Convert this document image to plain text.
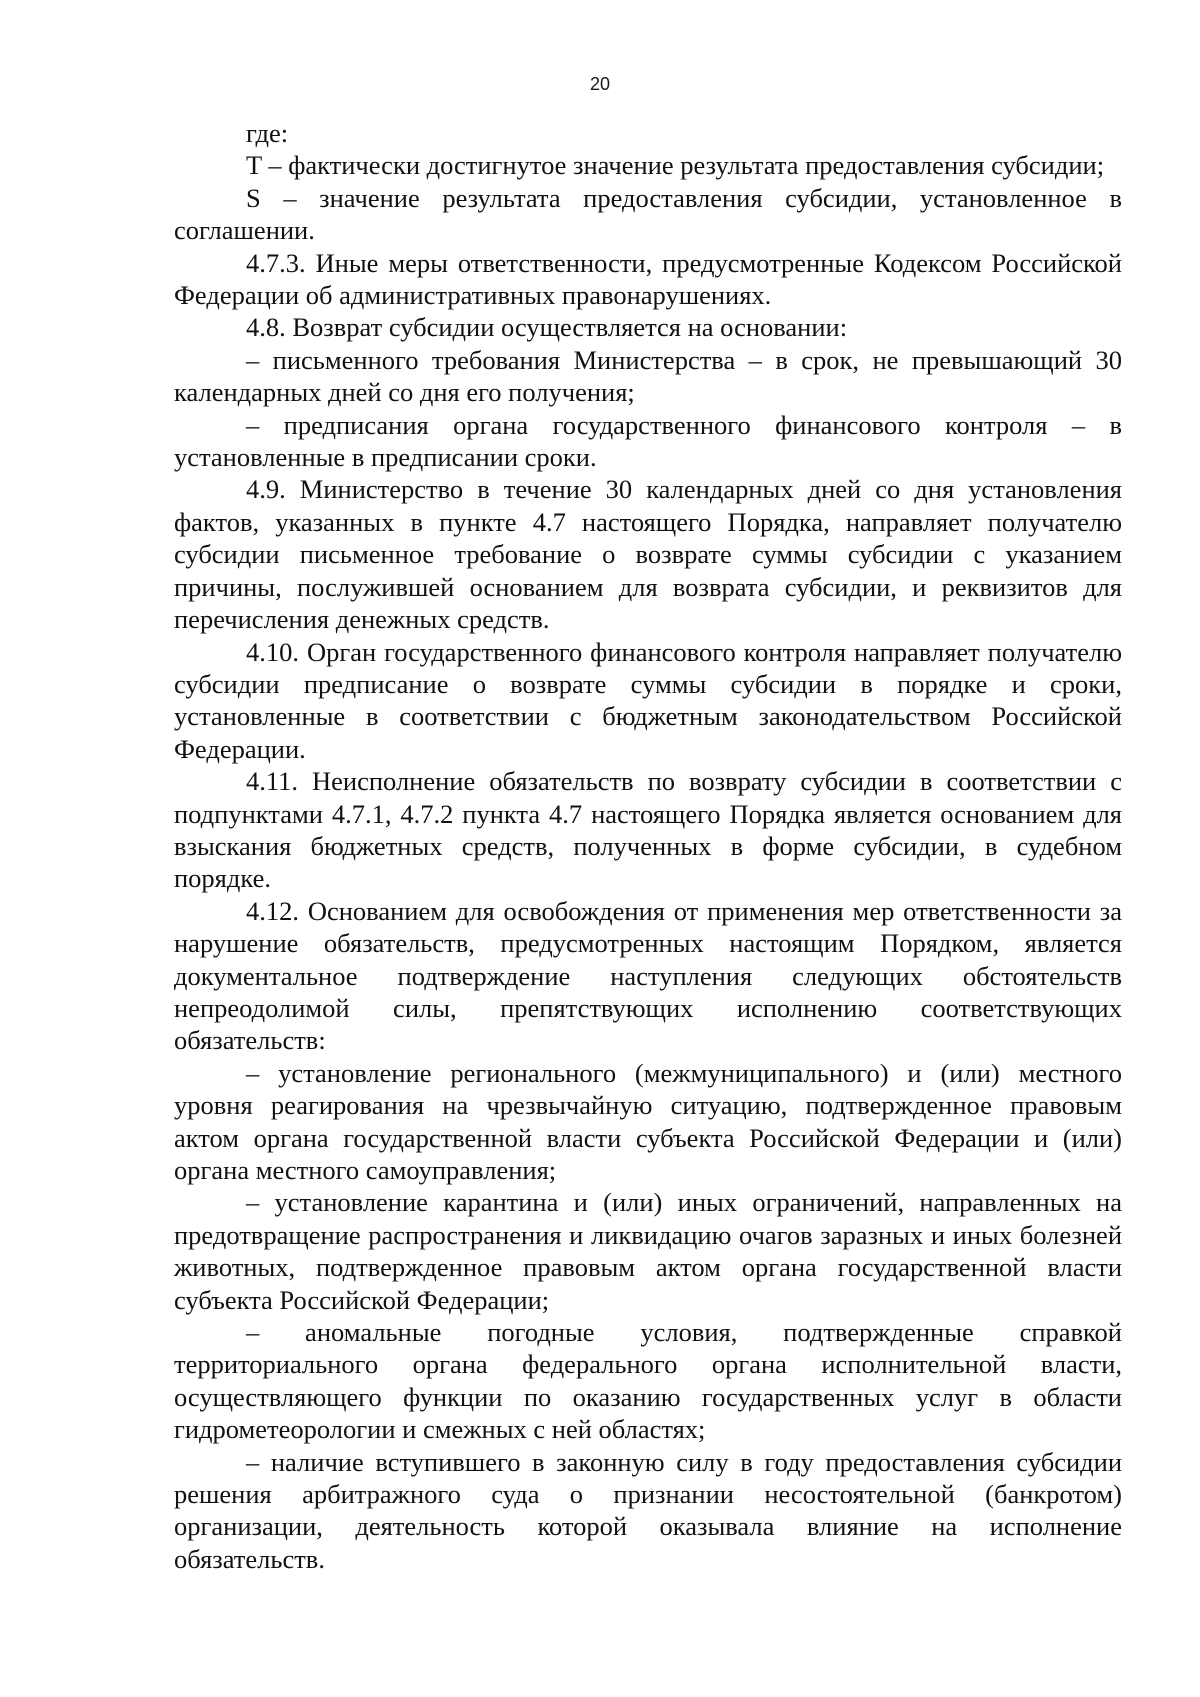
20

где:

T – фактически достигнутое значение результата предоставления субсидии;

S – значение результата предоставления субсидии, установленное в соглашении.

4.7.3. Иные меры ответственности, предусмотренные Кодексом Российской Федерации об административных правонарушениях.

4.8. Возврат субсидии осуществляется на основании:

– письменного требования Министерства – в срок, не превышающий 30 календарных дней со дня его получения;

– предписания органа государственного финансового контроля – в установленные в предписании сроки.

4.9. Министерство в течение 30 календарных дней со дня установления фактов, указанных в пункте 4.7 настоящего Порядка, направляет получателю субсидии письменное требование о возврате суммы субсидии с указанием причины, послужившей основанием для возврата субсидии, и реквизитов для перечисления денежных средств.

4.10. Орган государственного финансового контроля направляет получателю субсидии предписание о возврате суммы субсидии в порядке и сроки, установленные в соответствии с бюджетным законодательством Российской Федерации.

4.11. Неисполнение обязательств по возврату субсидии в соответствии с подпунктами 4.7.1, 4.7.2 пункта 4.7 настоящего Порядка является основанием для взыскания бюджетных средств, полученных в форме субсидии, в судебном порядке.

4.12. Основанием для освобождения от применения мер ответственности за нарушение обязательств, предусмотренных настоящим Порядком, является документальное подтверждение наступления следующих обстоятельств непреодолимой силы, препятствующих исполнению соответствующих обязательств:

– установление регионального (межмуниципального) и (или) местного уровня реагирования на чрезвычайную ситуацию, подтвержденное правовым актом органа государственной власти субъекта Российской Федерации и (или) органа местного самоуправления;

– установление карантина и (или) иных ограничений, направленных на предотвращение распространения и ликвидацию очагов заразных и иных болезней животных, подтвержденное правовым актом органа государственной власти субъекта Российской Федерации;

– аномальные погодные условия, подтвержденные справкой территориального органа федерального органа исполнительной власти, осуществляющего функции по оказанию государственных услуг в области гидрометеорологии и смежных с ней областях;

– наличие вступившего в законную силу в году предоставления субсидии решения арбитражного суда о признании несостоятельной (банкротом) организации, деятельность которой оказывала влияние на исполнение обязательств.
